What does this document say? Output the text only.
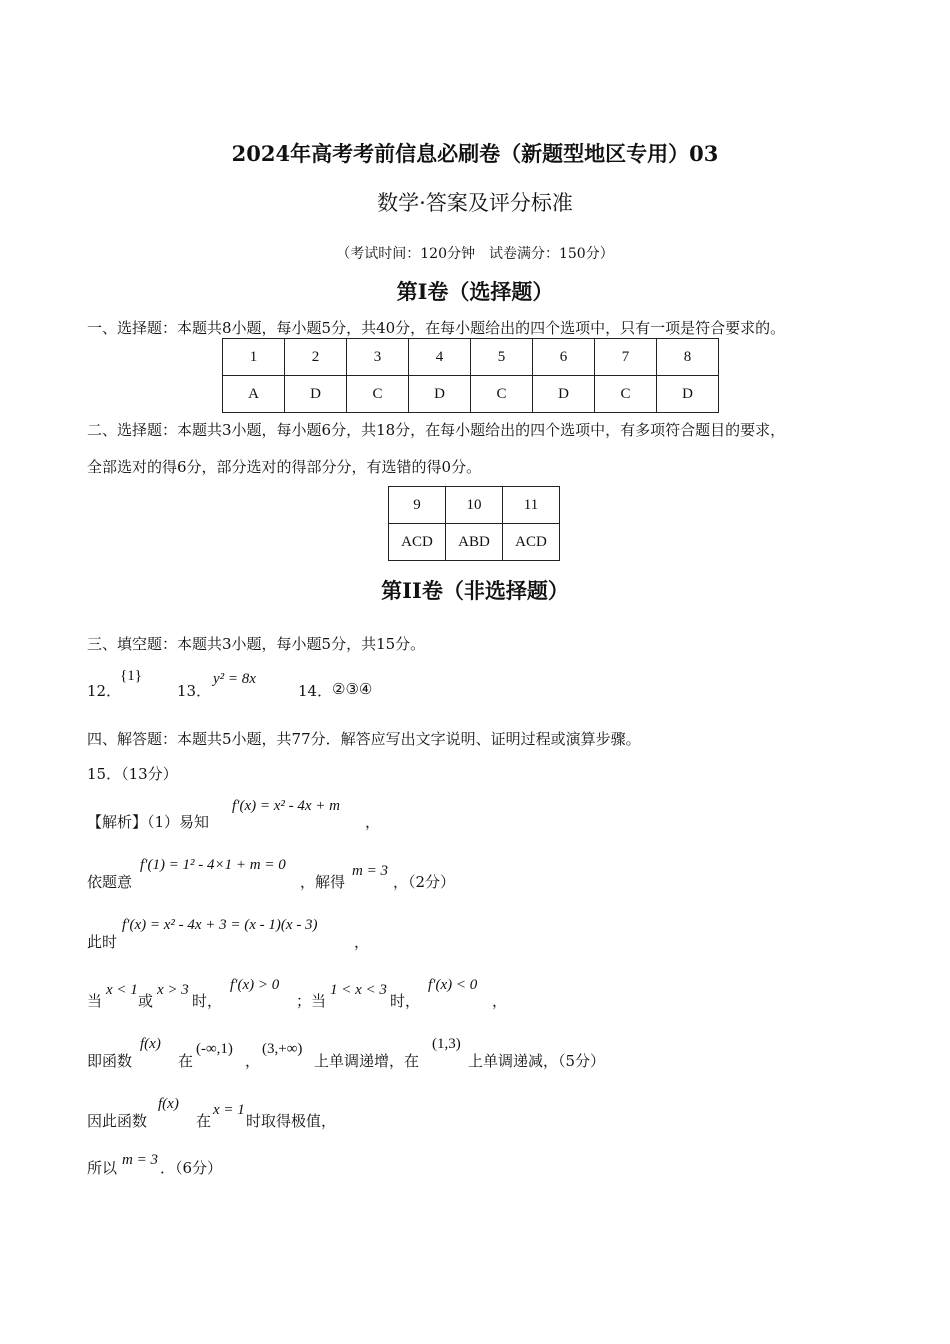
2024年高考考前信息必刷卷（新题型地区专用）03
数学·答案及评分标准
（考试时间：120分钟　试卷满分：150分）
第I卷（选择题）
一、选择题：本题共8小题，每小题5分，共40分，在每小题给出的四个选项中，只有一项是符合要求的。
1	2	3	4	5	6	7	8
A	D	C	D	C	D	C	D
二、选择题：本题共3小题，每小题6分，共18分，在每小题给出的四个选项中，有多项符合题目的要求，
全部选对的得6分，部分选对的得部分分，有选错的得0分。
9	10	11
ACD	ABD	ACD
第II卷（非选择题）
三、填空题：本题共3小题，每小题5分，共15分。
12．
{1}
13．
y² = 8x
14． ②③④
四、解答题：本题共5小题，共77分．解答应写出文字说明、证明过程或演算步骤。
15．（13分）
【解析】（1）易知
f′(x) = x² - 4x + m
，
依题意
f′(1) = 1² - 4×1 + m = 0
，解得
m = 3
，（2分）
此时
f′(x) = x² - 4x + 3 = (x - 1)(x - 3)
，
当
x < 1
或
x > 3
时，
f′(x) > 0
；当
1 < x < 3
时，
f′(x) < 0
，
即函数
f(x)
在
(-∞,1)
，
(3,+∞)
上单调递增，在
(1,3)
上单调递减，（5分）
因此函数
f(x)
在
x = 1
时取得极值，
所以 m = 3 ．（6分）
